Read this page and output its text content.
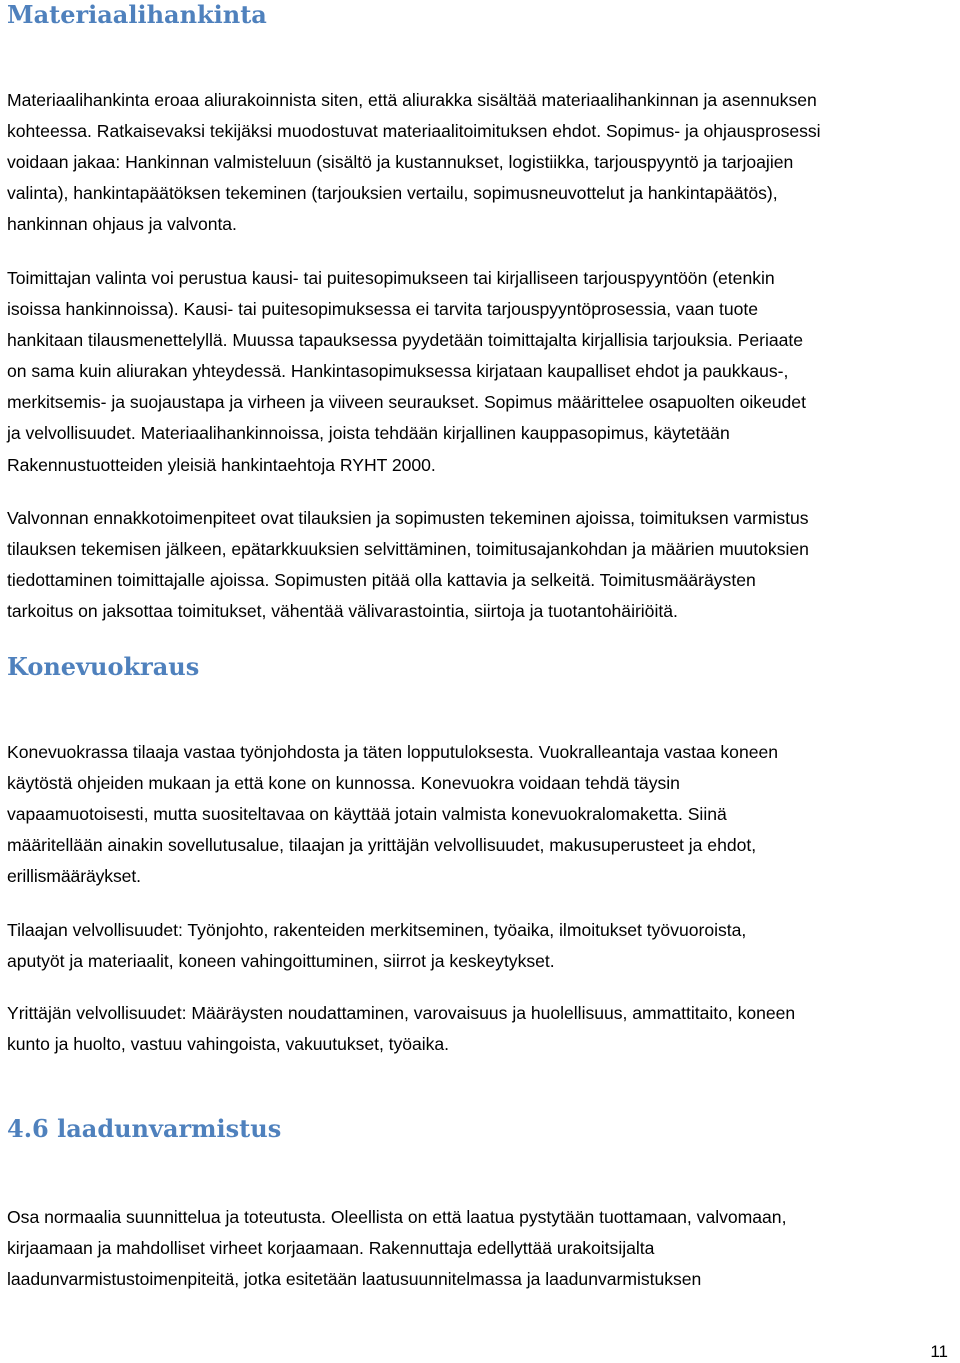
Materiaalihankinta

Materiaalihankinta eroaa aliurakoinnista siten, että aliurakka sisältää materiaalihankinnan ja asennuksen
kohteessa. Ratkaisevaksi tekijäksi muodostuvat materiaalitoimituksen ehdot. Sopimus- ja ohjausprosessi
voidaan jakaa: Hankinnan valmisteluun (sisältö ja kustannukset, logistiikka, tarjouspyyntö ja tarjoajien
valinta), hankintapäätöksen tekeminen (tarjouksien vertailu, sopimusneuvottelut ja hankintapäätös),
hankinnan ohjaus ja valvonta.

Toimittajan valinta voi perustua kausi- tai puitesopimukseen tai kirjalliseen tarjouspyyntöön (etenkin
isoissa hankinnoissa). Kausi- tai puitesopimuksessa ei tarvita tarjouspyyntöprosessia, vaan tuote
hankitaan tilausmenettelyllä. Muussa tapauksessa pyydetään toimittajalta kirjallisia tarjouksia. Periaate
on sama kuin aliurakan yhteydessä. Hankintasopimuksessa kirjataan kaupalliset ehdot ja paukkaus-,
merkitsemis- ja suojaustapa ja virheen ja viiveen seuraukset. Sopimus määrittelee osapuolten oikeudet
ja velvollisuudet. Materiaalihankinnoissa, joista tehdään kirjallinen kauppasopimus, käytetään
Rakennustuotteiden yleisiä hankintaehtoja RYHT 2000.

Valvonnan ennakkotoimenpiteet ovat tilauksien ja sopimusten tekeminen ajoissa, toimituksen varmistus
tilauksen tekemisen jälkeen, epätarkkuuksien selvittäminen, toimitusajankohdan ja määrien muutoksien
tiedottaminen toimittajalle ajoissa. Sopimusten pitää olla kattavia ja selkeitä. Toimitusmääräysten
tarkoitus on jaksottaa toimitukset, vähentää välivarastointia, siirtoja ja tuotantohäiriöitä.

Konevuokraus

Konevuokrassa tilaaja vastaa työnjohdosta ja täten lopputuloksesta. Vuokralleantaja vastaa koneen
käytöstä ohjeiden mukaan ja että kone on kunnossa. Konevuokra voidaan tehdä täysin
vapaamuotoisesti, mutta suositeltavaa on käyttää jotain valmista konevuokralomaketta. Siinä
määritellään ainakin sovellutusalue, tilaajan ja yrittäjän velvollisuudet, makusuperusteet ja ehdot,
erillismääräykset.

Tilaajan velvollisuudet: Työnjohto, rakenteiden merkitseminen, työaika, ilmoitukset työvuoroista,
aputyöt ja materiaalit, koneen vahingoittuminen, siirrot ja keskeytykset.

Yrittäjän velvollisuudet: Määräysten noudattaminen, varovaisuus ja huolellisuus, ammattitaito, koneen
kunto ja huolto, vastuu vahingoista, vakuutukset, työaika.

4.6 laadunvarmistus

Osa normaalia suunnittelua ja toteutusta. Oleellista on että laatua pystytään tuottamaan, valvomaan,
kirjaamaan ja mahdolliset virheet korjaamaan. Rakennuttaja edellyttää urakoitsijalta
laadunvarmistustoimenpiteitä, jotka esitetään laatusuunnitelmassa ja laadunvarmistuksen

11
